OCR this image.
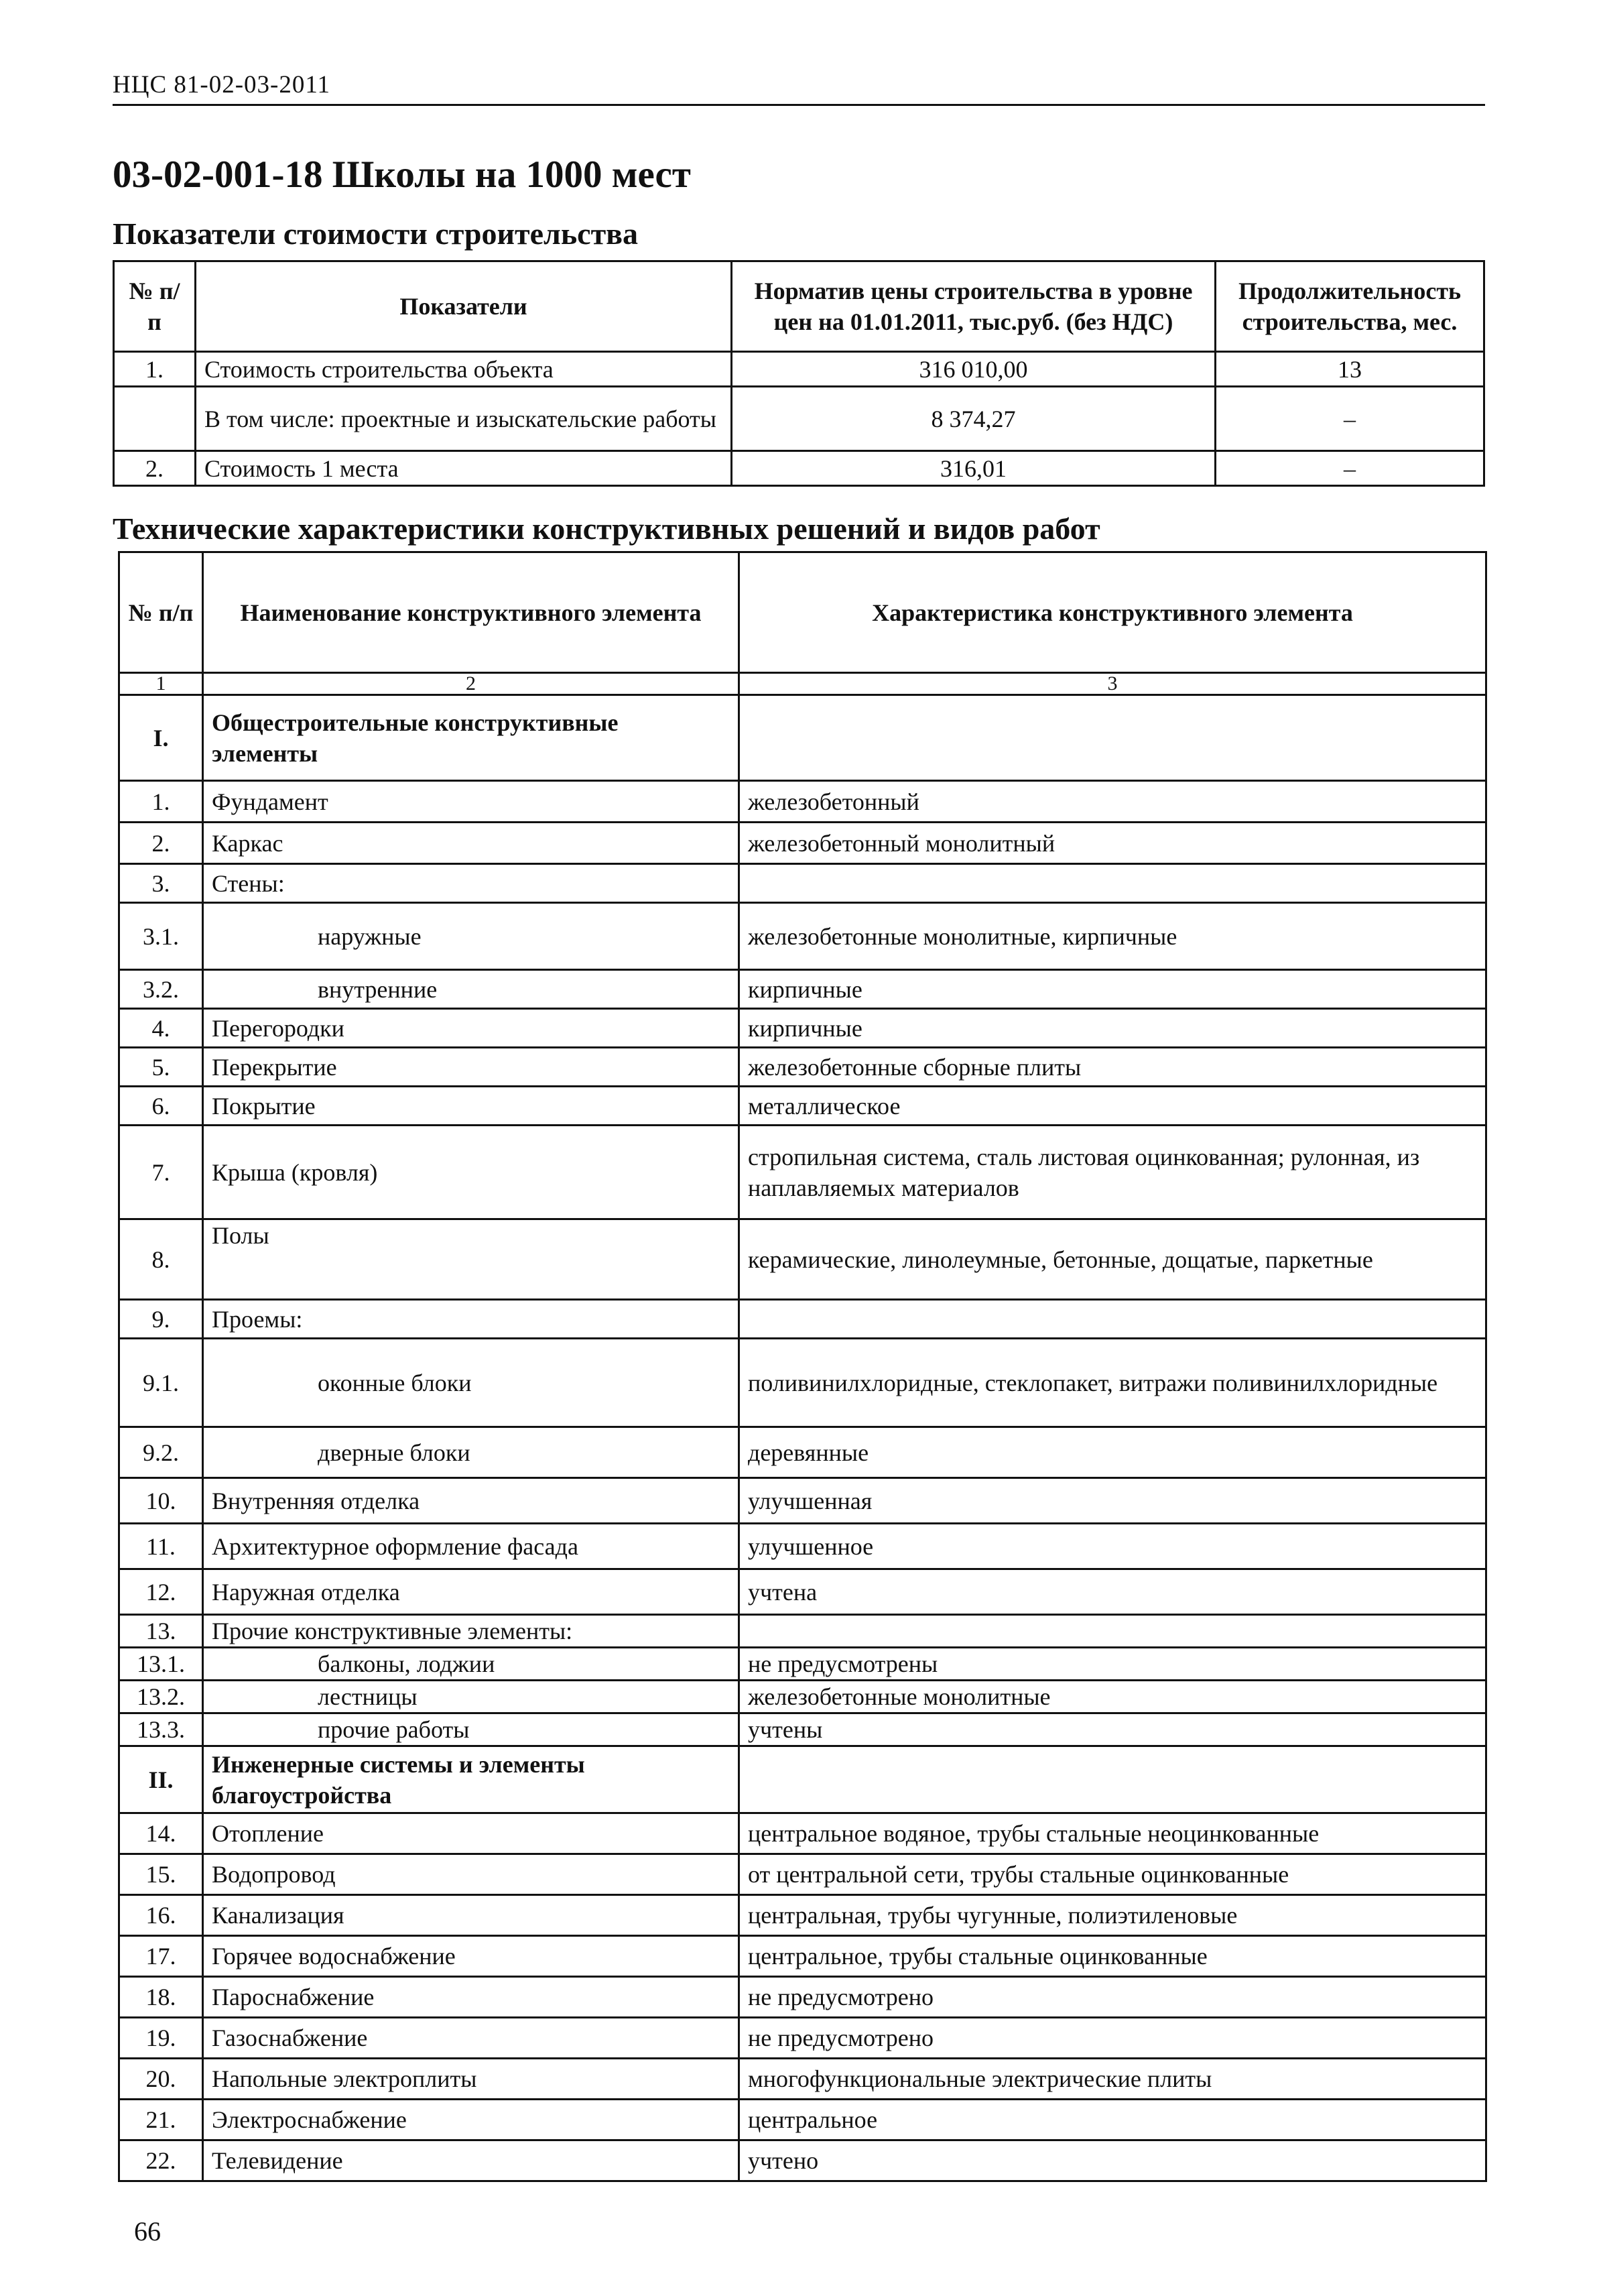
НЦС 81-02-03-2011
03-02-001-18 Школы на 1000 мест
Показатели стоимости строительства
№ п/п	Показатели	Норматив цены строительства в уровне цен на 01.01.2011, тыс.руб. (без НДС)	Продолжительность строительства, мес.
1.	Стоимость строительства объекта	316 010,00	13
	В том числе: проектные и изыскательские работы	8 374,27	–
2.	Стоимость 1 места	316,01	–
Технические характеристики конструктивных решений и видов работ
№ п/п	Наименование конструктивного элемента	Характеристика конструктивного элемента
1	2	3
I.	Общестроительные конструктивные элементы	
1.	Фундамент	железобетонный
2.	Каркас	железобетонный монолитный
3.	Стены:	
3.1.	наружные	железобетонные монолитные, кирпичные
3.2.	внутренние	кирпичные
4.	Перегородки	кирпичные
5.	Перекрытие	железобетонные сборные плиты
6.	Покрытие	металлическое
7.	Крыша (кровля)	стропильная система, сталь листовая оцинкованная; рулонная, из наплавляемых материалов
8.	Полы	керамические, линолеумные, бетонные, дощатые, паркетные
9.	Проемы:	
9.1.	оконные блоки	поливинилхлоридные, стеклопакет, витражи поливинилхлоридные
9.2.	дверные блоки	деревянные
10.	Внутренняя отделка	улучшенная
11.	Архитектурное оформление фасада	улучшенное
12.	Наружная отделка	учтена
13.	Прочие конструктивные элементы:	
13.1.	балконы, лоджии	не предусмотрены
13.2.	лестницы	железобетонные монолитные
13.3.	прочие работы	учтены
II.	Инженерные системы и элементы благоустройства	
14.	Отопление	центральное водяное, трубы стальные неоцинкованные
15.	Водопровод	от центральной сети, трубы стальные оцинкованные
16.	Канализация	центральная, трубы чугунные, полиэтиленовые
17.	Горячее водоснабжение	центральное, трубы стальные оцинкованные
18.	Пароснабжение	не предусмотрено
19.	Газоснабжение	не предусмотрено
20.	Напольные электроплиты	многофункциональные электрические плиты
21.	Электроснабжение	центральное
22.	Телевидение	учтено
66
